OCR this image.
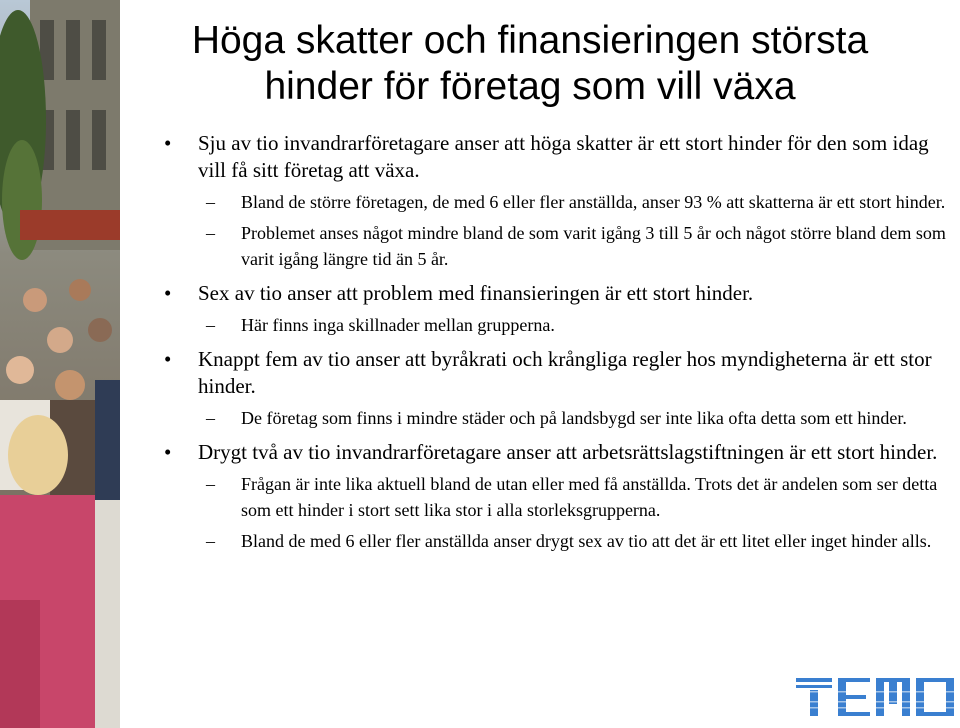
Höga skatter och finansieringen största
hinder för företag som vill växa
• Sju av tio invandrarföretagare anser att höga skatter är ett stort hinder för den som idag vill få sitt företag att växa.
– Bland de större företagen, de med 6 eller fler anställda, anser 93 % att skatterna är ett stort hinder.
– Problemet anses något mindre bland de som varit igång 3 till 5 år och något större bland dem som varit igång längre tid än 5 år.
• Sex av tio anser att problem med finansieringen är ett stort hinder.
– Här finns inga skillnader mellan grupperna.
• Knappt fem av tio anser att byråkrati och krångliga regler hos myndigheterna är ett stor hinder.
– De företag som finns i mindre städer och på landsbygd ser inte lika ofta detta som ett hinder.
• Drygt två av tio invandrarföretagare anser att arbetsrättslagstiftningen är ett stort hinder.
– Frågan är inte lika aktuell bland de utan eller med få anställda. Trots det är andelen som ser detta som ett hinder i stort sett lika stor i alla storleksgrupperna.
– Bland de med 6 eller fler anställda anser drygt sex av tio att det är ett litet eller inget hinder alls.
